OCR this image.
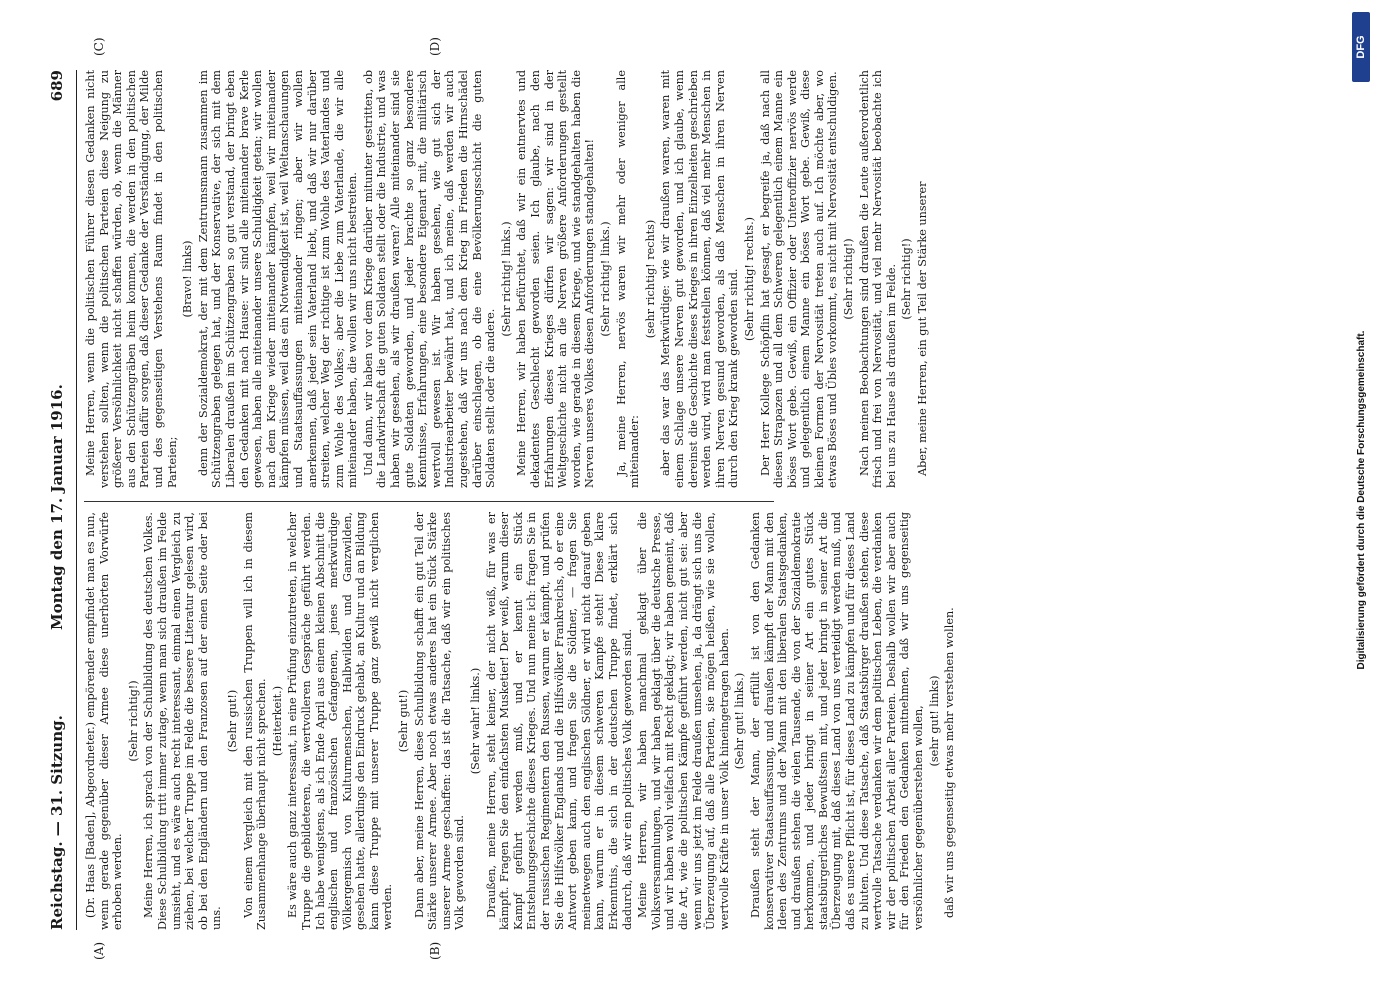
Reichstag. — 31. Sitzung.
Montag den 17. Januar 1916.
689
(A)	(B)
(C)	(D)

(Dr. Haas [Baden], Abgeordneter.) empörender empfindet man es nun, wenn gerade gegenüber dieser Armee diese unerhörten Vorwürfe erhoben werden.

(Sehr richtig!) Meine Herren, ich sprach von der Schulbildung des deutschen Volkes. Diese Schulbildung tritt immer zutage, wenn man sich draußen im Felde umsieht, und es wäre auch recht interessant, einmal einen Vergleich zu ziehen, bei welcher Truppe im Felde die bessere Literatur gelesen wird, ob bei den Engländern und den Franzosen auf der einen Seite oder bei uns.

(Sehr gut!) Von einem Vergleich mit den russischen Truppen will ich in diesem Zusammenhange überhaupt nicht sprechen. (Heiterkeit.) Es wäre auch ganz interessant, in eine Prüfung einzutreten, in welcher Truppe die gebildeteren, die wertvolleren Gespräche geführt werden. Ich habe wenigstens, als ich Ende April aus einem kleinen Abschnitt die englischen und französischen Gefangenen, jenes merkwürdige Völkergemisch von Kulturmenschen, Halbwilden und Ganzwilden, gesehen hatte, allerdings den Eindruck gehabt, an Kultur und an Bildung kann diese Truppe mit unserer Truppe ganz gewiß nicht verglichen werden.

(Sehr gut!) Dann aber, meine Herren, diese Schulbildung schafft ein gut Teil der Stärke unserer Armee. Aber noch etwas anderes hat ein Stück Stärke unserer Armee geschaffen: das ist die Tatsache, daß wir ein politisches Volk geworden sind.

(Sehr wahr! links.) Draußen, meine Herren, steht keiner, der nicht weiß, für was er kämpft. Fragen Sie den einfachsten Musketier! Der weiß, warum dieser Kampf geführt werden muß, und er kennt ein Stück Entstehungsgeschichte dieses Krieges. Und nun meine ich: fragen Sie in der russischen Regimentern den Russen, warum er kämpft, und prüfen Sie die Hilfsvölker Englands und die Hilfsvölker Frankreichs, ob er eine Antwort geben kann, und fragen Sie die Söldner, — fragen Sie meinetwegen auch den englischen Söldner, er wird nicht darauf geben kann, warum er in diesem schweren Kampfe steht! Diese klare Erkenntnis, die sich in der deutschen Truppe findet, erklärt sich dadurch, daß wir ein politisches Volk geworden sind. Meine Herren, wir haben manchmal geklagt über die Volksversammlungen, und wir haben geklagt über die deutsche Presse, und wir haben wohl vielfach mit Recht geklagt; wir haben gemeint, daß die Art, wie die politischen Kämpfe geführt werden, nicht gut sei: aber wenn wir uns jetzt im Felde draußen umsehen, ja, da drängt sich uns die Überzeugung auf, daß alle Parteien, sie mögen heißen, wie sie wollen, wertvolle Kräfte in unser Volk hineingetragen haben. (Sehr gut! links.) Draußen steht der Mann, der erfüllt ist von den Gedanken konservativer Staatsauffassung, und draußen kämpft der Mann mit den Ideen des Zentrums und der Mann mit den liberalen Staatsgedanken, und draußen stehen die vielen Tausende, die von der Sozialdemokratie herkommen, und jeder bringt in seiner Art ein gutes Stück staatsbürgerliches Bewußtsein mit, und jeder bringt in seiner Art die Überzeugung mit, daß dieses Land von uns verteidigt werden muß, und daß es unsere Pflicht ist, für dieses Land zu kämpfen und für dieses Land zu bluten. Und diese Tatsache, daß Staatsbürger draußen stehen, diese wertvolle Tatsache verdanken wir dem politischen Leben, die verdanken wir der politischen Arbeit aller Parteien. Deshalb wollen wir aber auch für den Frieden den Gedanken mitnehmen, daß wir uns gegenseitig versöhnlicher gegenüberstehen wollen, (sehr gut! links) daß wir uns gegenseitig etwas mehr verstehen wollen.

Meine Herren, wenn die politischen Führer diesen Gedanken nicht verstehen sollten, wenn die politischen Parteien diese Neigung zu größerer Versöhnlichkeit nicht schaffen würden, ob, wenn die Männer aus den Schützengräben heim kommen, die werden in den politischen Parteien dafür sorgen, daß dieser Gedanke der Verständigung, der Milde und des gegenseitigen Verstehens Raum findet in den politischen Parteien;

(Bravo! links) denn der Sozialdemokrat, der mit dem Zentrumsmann zusammen im Schützengraben gelegen hat, und der Konservative, der sich mit dem Liberalen draußen im Schützengraben so gut verstand, der bringt eben den Gedanken mit nach Hause: wir sind alle miteinander brave Kerle gewesen, haben alle miteinander unsere Schuldigkeit getan; wir wollen nach dem Kriege wieder miteinander kämpfen, weil wir miteinander kämpfen müssen, weil das ein Notwendigkeit ist, weil Weltanschauungen und Staatsauffassungen miteinander ringen; aber wir wollen anerkennen, daß jeder sein Vaterland liebt, und daß wir nur darüber streiten, welcher Weg der richtige ist zum Wohle des Vaterlandes und zum Wohle des Volkes; aber die Liebe zum Vaterlande, die wir alle miteinander haben, die wollen wir uns nicht bestreiten. Und dann, wir haben vor dem Kriege darüber mitunter gestritten, ob die Landwirtschaft die guten Soldaten stellt oder die Industrie, und was haben wir gesehen, als wir draußen waren? Alle miteinander sind sie gute Soldaten geworden, und jeder brachte so ganz besondere Kenntnisse, Erfahrungen, eine besondere Eigenart mit, die militärisch wertvoll gewesen ist. Wir haben gesehen, wie gut sich der Industriearbeiter bewährt hat, und ich meine, daß werden wir auch zugestehen, daß wir uns nach dem Krieg im Frieden die Hirnschädel darüber einschlagen, ob die eine Bevölkerungsschicht die guten Soldaten stellt oder die andere.

(Sehr richtig! links.) Meine Herren, wir haben befürchtet, daß wir ein entnervtes und dekadentes Geschlecht geworden seien. Ich glaube, nach den Erfahrungen dieses Krieges dürfen wir sagen: wir sind in der Weltgeschichte nicht an die Nerven größere Anforderungen gestellt worden, wie gerade in diesem Kriege, und wie standgehalten haben die Nerven unseres Volkes diesen Anforderungen standgehalten! (Sehr richtig! links.) Ja, meine Herren, nervös waren wir mehr oder weniger alle miteinander:

(sehr richtig! rechts) aber das war das Merkwürdige: wie wir draußen waren, waren mit einem Schlage unsere Nerven gut geworden, und ich glaube, wenn dereinst die Geschichte dieses Krieges in ihren Einzelheiten geschrieben werden wird, wird man feststellen können, daß viel mehr Menschen in ihren Nerven gesund geworden, als daß Menschen in ihren Nerven durch den Krieg krank geworden sind. (Sehr richtig! rechts.) Der Herr Kollege Schöpflin hat gesagt, er begreife ja, daß nach all diesen Strapazen und all dem Schweren gelegentlich einem Manne ein böses Wort gebe. Gewiß, ein Offizier oder Unteroffizier nervös werde und gelegentlich einem Manne ein böses Wort gebe. Gewiß, diese kleinen Formen der Nervosität treten auch auf. Ich möchte aber, wo etwas Böses und Übles vorkommt, es nicht mit Nervosität entschuldigen. (Sehr richtig!) Nach meinen Beobachtungen sind draußen die Leute außerordentlich frisch und frei von Nervosität, und viel mehr Nervosität beobachte ich bei uns zu Hause als draußen im Felde. (Sehr richtig!) Aber, meine Herren, ein gut Teil der Stärke unserer

Digitalisierung gefördert durch die Deutsche Forschungsgemeinschaft.
DFG
